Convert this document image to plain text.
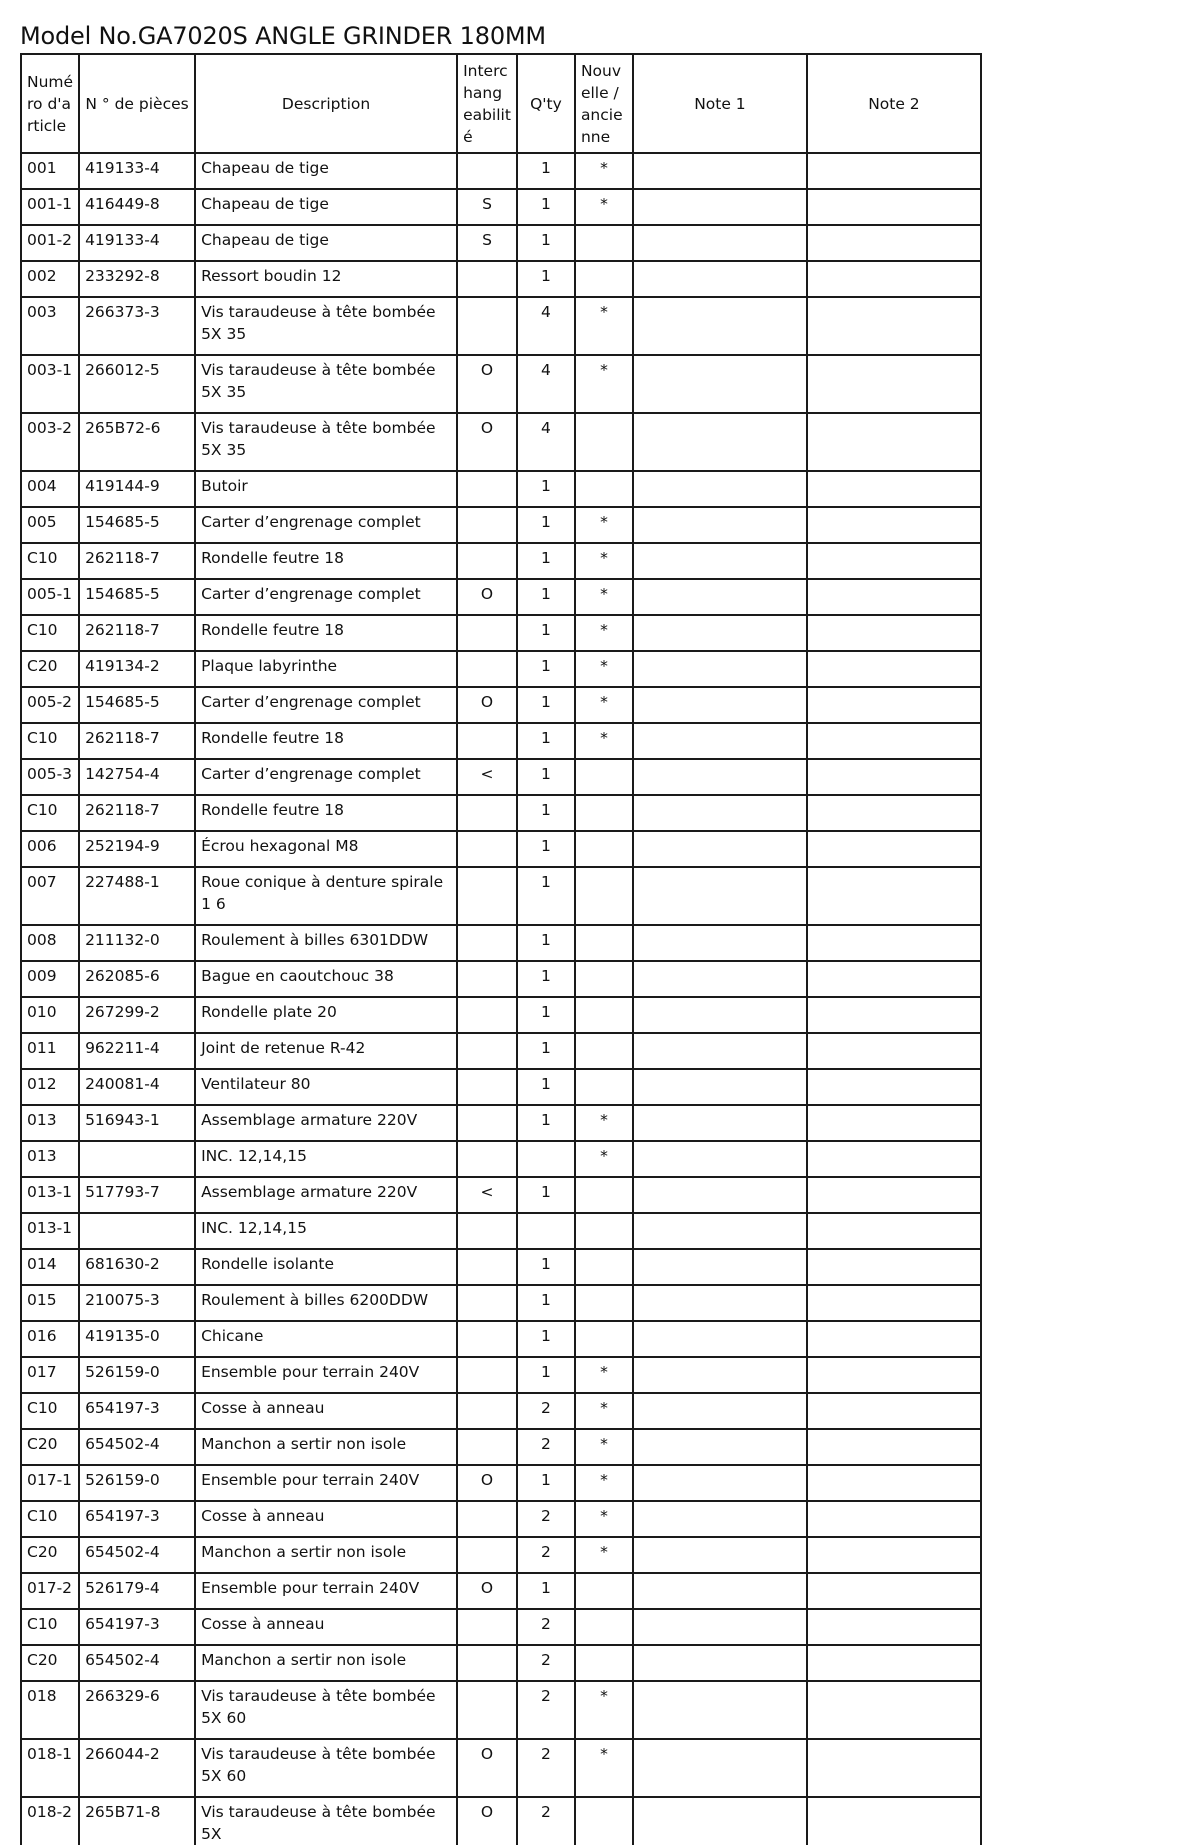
Model No.GA7020S ANGLE GRINDER 180MM
Numé ro d'a rticle	N ° de pièces	Description	Interc hang eabilit é	Q'ty	Nouv elle / ancie nne	Note 1	Note 2
001	419133-4	Chapeau de tige		1	*		
001-1	416449-8	Chapeau de tige	S	1	*		
001-2	419133-4	Chapeau de tige	S	1			
002	233292-8	Ressort boudin 12		1			
003	266373-3	Vis taraudeuse à tête bombée 5X 35		4	*		
003-1	266012-5	Vis taraudeuse à tête bombée 5X 35	O	4	*		
003-2	265B72-6	Vis taraudeuse à tête bombée 5X 35	O	4			
004	419144-9	Butoir		1			
005	154685-5	Carter d’engrenage complet		1	*		
C10	262118-7	Rondelle feutre 18		1	*		
005-1	154685-5	Carter d’engrenage complet	O	1	*		
C10	262118-7	Rondelle feutre 18		1	*		
C20	419134-2	Plaque labyrinthe		1	*		
005-2	154685-5	Carter d’engrenage complet	O	1	*		
C10	262118-7	Rondelle feutre 18		1	*		
005-3	142754-4	Carter d’engrenage complet	<	1			
C10	262118-7	Rondelle feutre 18		1			
006	252194-9	Écrou hexagonal M8		1			
007	227488-1	Roue conique à denture spirale 1 6		1			
008	211132-0	Roulement à billes 6301DDW		1			
009	262085-6	Bague en caoutchouc 38		1			
010	267299-2	Rondelle plate 20		1			
011	962211-4	Joint de retenue R-42		1			
012	240081-4	Ventilateur 80		1			
013	516943-1	Assemblage armature 220V		1	*		
013		INC. 12,14,15			*		
013-1	517793-7	Assemblage armature 220V	<	1			
013-1		INC. 12,14,15					
014	681630-2	Rondelle isolante		1			
015	210075-3	Roulement à billes 6200DDW		1			
016	419135-0	Chicane		1			
017	526159-0	Ensemble pour terrain 240V		1	*		
C10	654197-3	Cosse à anneau		2	*		
C20	654502-4	Manchon a sertir non isole		2	*		
017-1	526159-0	Ensemble pour terrain 240V	O	1	*		
C10	654197-3	Cosse à anneau		2	*		
C20	654502-4	Manchon a sertir non isole		2	*		
017-2	526179-4	Ensemble pour terrain 240V	O	1			
C10	654197-3	Cosse à anneau		2			
C20	654502-4	Manchon a sertir non isole		2			
018	266329-6	Vis taraudeuse à tête bombée 5X 60		2	*		
018-1	266044-2	Vis taraudeuse à tête bombée 5X 60	O	2	*		
018-2	265B71-8	Vis taraudeuse à tête bombée 5X	O	2			
